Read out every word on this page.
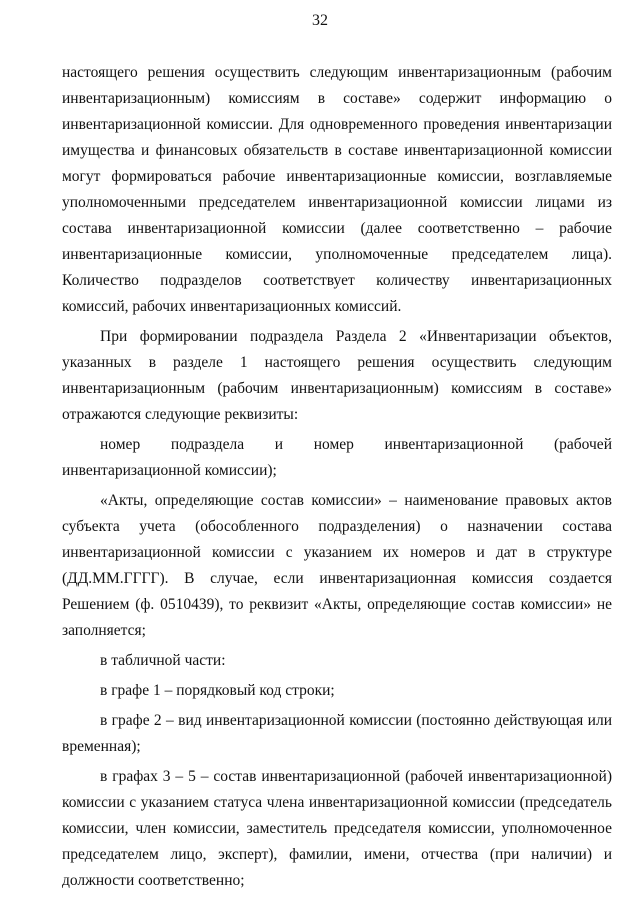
32

настоящего решения осуществить следующим инвентаризационным (рабочим инвентаризационным) комиссиям в составе» содержит информацию о инвентаризационной комиссии. Для одновременного проведения инвентаризации имущества и финансовых обязательств в составе инвентаризационной комиссии могут формироваться рабочие инвентаризационные комиссии, возглавляемые уполномоченными председателем инвентаризационной комиссии лицами из состава инвентаризационной комиссии (далее соответственно – рабочие инвентаризационные комиссии, уполномоченные председателем лица). Количество подразделов соответствует количеству инвентаризационных комиссий, рабочих инвентаризационных комиссий.

При формировании подраздела Раздела 2 «Инвентаризации объектов, указанных в разделе 1 настоящего решения осуществить следующим инвентаризационным (рабочим инвентаризационным) комиссиям в составе» отражаются следующие реквизиты:

номер подраздела и номер инвентаризационной (рабочей инвентаризационной комиссии);

«Акты, определяющие состав комиссии» – наименование правовых актов субъекта учета (обособленного подразделения) о назначении состава инвентаризационной комиссии с указанием их номеров и дат в структуре (ДД.ММ.ГГГГ). В случае, если инвентаризационная комиссия создается Решением (ф. 0510439), то реквизит «Акты, определяющие состав комиссии» не заполняется;

в табличной части:

в графе 1 – порядковый код строки;

в графе 2 – вид инвентаризационной комиссии (постоянно действующая или временная);

в графах 3 – 5 – состав инвентаризационной (рабочей инвентаризационной) комиссии с указанием статуса члена инвентаризационной комиссии (председатель комиссии, член комиссии, заместитель председателя комиссии, уполномоченное председателем лицо, эксперт), фамилии, имени, отчества (при наличии) и должности соответственно;
